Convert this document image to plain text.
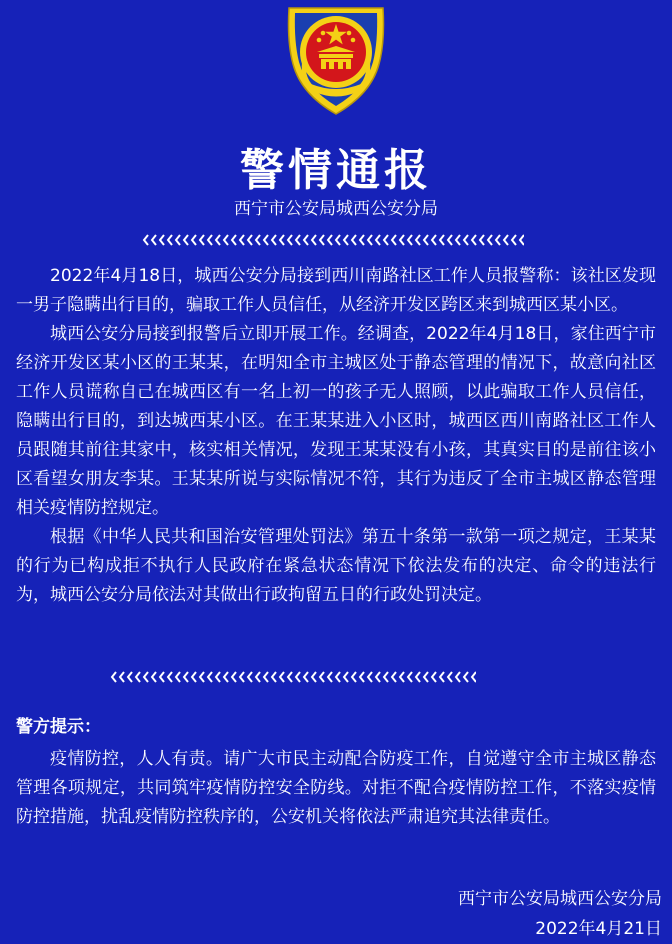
警情通报
西宁市公安局城西公安分局

2022年4月18日，城西公安分局接到西川南路社区工作人员报警称：该社区发现一男子隐瞒出行目的，骗取工作人员信任，从经济开发区跨区来到城西区某小区。

城西公安分局接到报警后立即开展工作。经调查，2022年4月18日，家住西宁市经济开发区某小区的王某某，在明知全市主城区处于静态管理的情况下，故意向社区工作人员谎称自己在城西区有一名上初一的孩子无人照顾，以此骗取工作人员信任，隐瞒出行目的，到达城西某小区。在王某某进入小区时，城西区西川南路社区工作人员跟随其前往其家中，核实相关情况，发现王某某没有小孩，其真实目的是前往该小区看望女朋友李某。王某某所说与实际情况不符，其行为违反了全市主城区静态管理相关疫情防控规定。

根据《中华人民共和国治安管理处罚法》第五十条第一款第一项之规定，王某某的行为已构成拒不执行人民政府在紧急状态情况下依法发布的决定、命令的违法行为，城西公安分局依法对其做出行政拘留五日的行政处罚决定。

警方提示：

疫情防控，人人有责。请广大市民主动配合防疫工作，自觉遵守全市主城区静态管理各项规定，共同筑牢疫情防控安全防线。对拒不配合疫情防控工作，不落实疫情防控措施，扰乱疫情防控秩序的，公安机关将依法严肃追究其法律责任。

西宁市公安局城西公安分局
2022年4月21日
